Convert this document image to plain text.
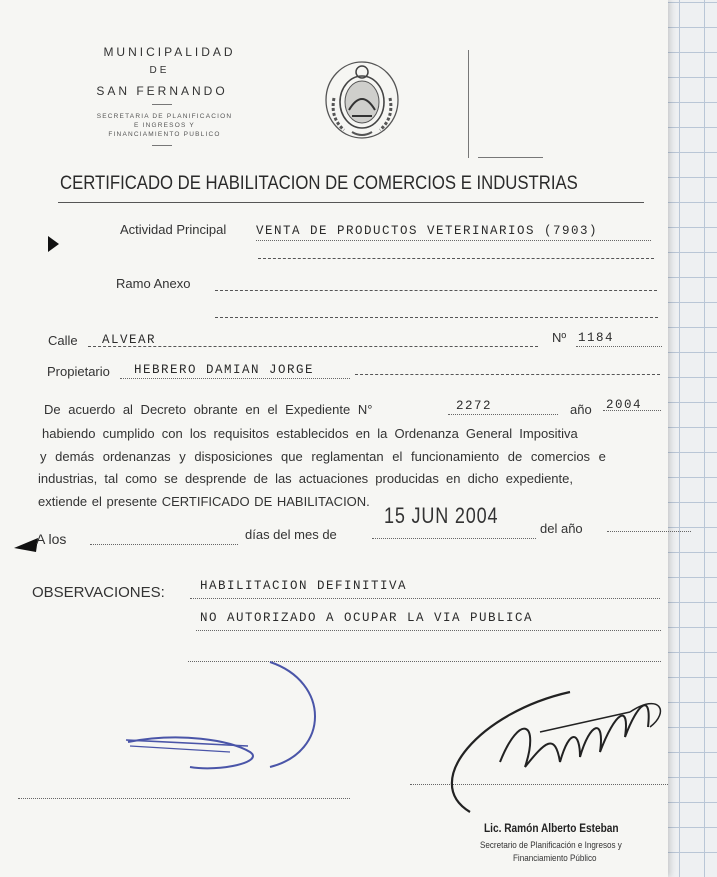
MUNICIPALIDAD
DE
SAN FERNANDO
SECRETARIA DE PLANIFICACION
E INGRESOS Y
FINANCIAMIENTO PUBLICO
CERTIFICADO DE HABILITACION DE COMERCIOS E INDUSTRIAS
Actividad Principal VENTA DE PRODUCTOS VETERINARIOS (7903)
Ramo Anexo
Calle ALVEAR	Nº 1184
Propietario HEBRERO DAMIAN JORGE
De acuerdo al Decreto obrante en el Expediente N°	2272	año 2004
habiendo cumplido con los requisitos establecidos en la Ordenanza General Impositiva
y demás ordenanzas y disposiciones que reglamentan el funcionamiento de comercios e
industrias, tal como se desprende de las actuaciones producidas en dicho expediente,
extiende el presente CERTIFICADO DE HABILITACION.
A los	días del mes de
15 JUN 2004
del año
OBSERVACIONES:	HABILITACION DEFINITIVA
NO AUTORIZADO A OCUPAR LA VIA PUBLICA
Lic. Ramón Alberto Esteban
Secretario de Planificación e Ingresos y
Financiamiento Público
